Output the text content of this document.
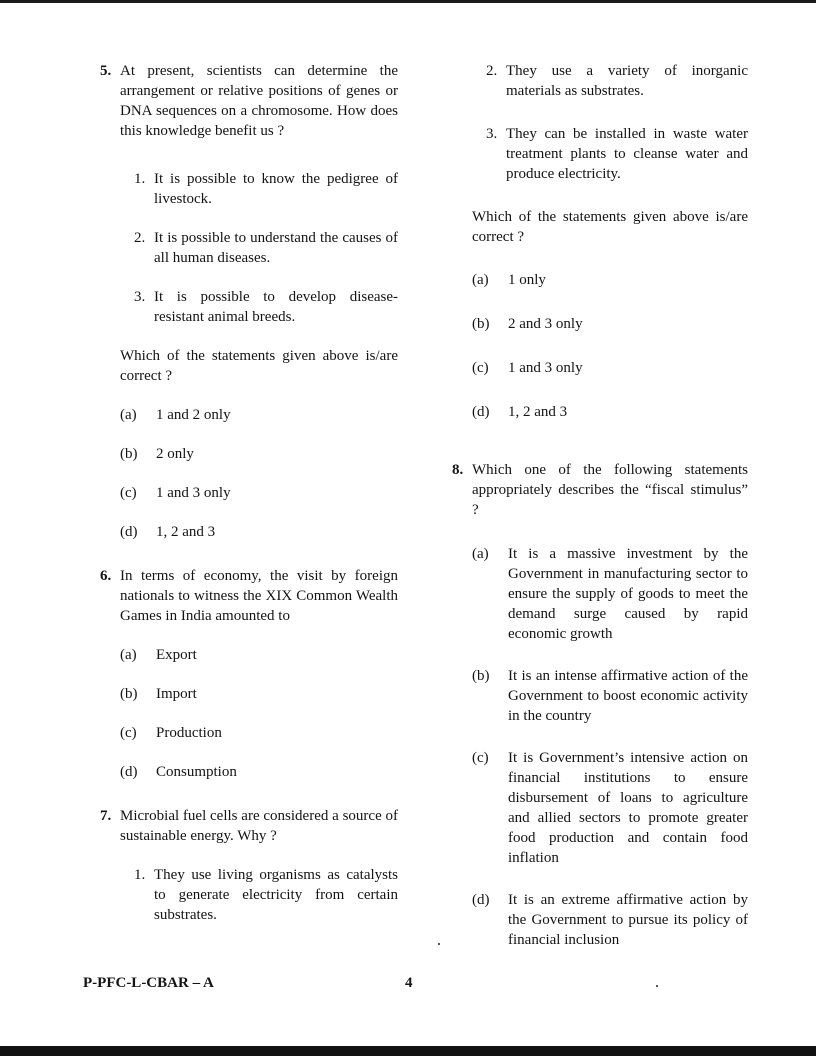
5. At present, scientists can determine the arrangement or relative positions of genes or DNA sequences on a chromosome. How does this knowledge benefit us ?
1. It is possible to know the pedigree of livestock.
2. It is possible to understand the causes of all human diseases.
3. It is possible to develop disease-resistant animal breeds.
Which of the statements given above is/are correct ?
(a) 1 and 2 only
(b) 2 only
(c) 1 and 3 only
(d) 1, 2 and 3
6. In terms of economy, the visit by foreign nationals to witness the XIX Common Wealth Games in India amounted to
(a) Export
(b) Import
(c) Production
(d) Consumption
7. Microbial fuel cells are considered a source of sustainable energy. Why ?
1. They use living organisms as catalysts to generate electricity from certain substrates.
2. They use a variety of inorganic materials as substrates.
3. They can be installed in waste water treatment plants to cleanse water and produce electricity.
Which of the statements given above is/are correct ?
(a) 1 only
(b) 2 and 3 only
(c) 1 and 3 only
(d) 1, 2 and 3
8. Which one of the following statements appropriately describes the “fiscal stimulus” ?
(a) It is a massive investment by the Government in manufacturing sector to ensure the supply of goods to meet the demand surge caused by rapid economic growth
(b) It is an intense affirmative action of the Government to boost economic activity in the country
(c) It is Government’s intensive action on financial institutions to ensure disbursement of loans to agriculture and allied sectors to promote greater food production and contain food inflation
(d) It is an extreme affirmative action by the Government to pursue its policy of financial inclusion
P-PFC-L-CBAR – A	4
